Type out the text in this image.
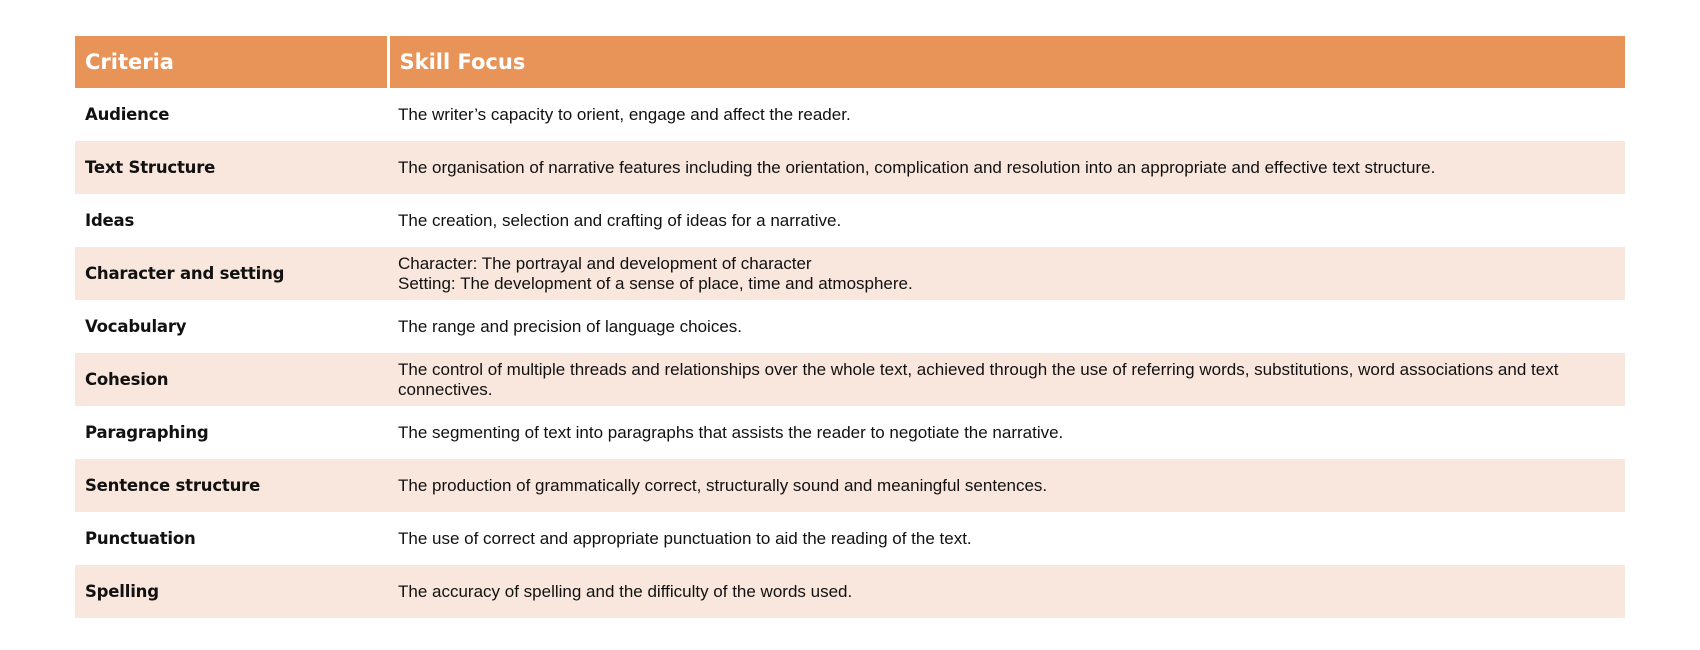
Criteria	Skill Focus
Audience	The writer’s capacity to orient, engage and affect the reader.

Text Structure	The organisation of narrative features including the orientation, complication and resolution into an appropriate and effective text structure.

Ideas	The creation, selection and crafting of ideas for a narrative.

Character and setting	Character: The portrayal and development of character
Setting: The development of a sense of place, time and atmosphere.

Vocabulary	The range and precision of language choices.

Cohesion	The control of multiple threads and relationships over the whole text, achieved through the use of referring words, substitutions, word associations and text connectives.

Paragraphing	The segmenting of text into paragraphs that assists the reader to negotiate the narrative.

Sentence structure	The production of grammatically correct, structurally sound and meaningful sentences.

Punctuation	The use of correct and appropriate punctuation to aid the reading of the text.

Spelling	The accuracy of spelling and the difficulty of the words used.
